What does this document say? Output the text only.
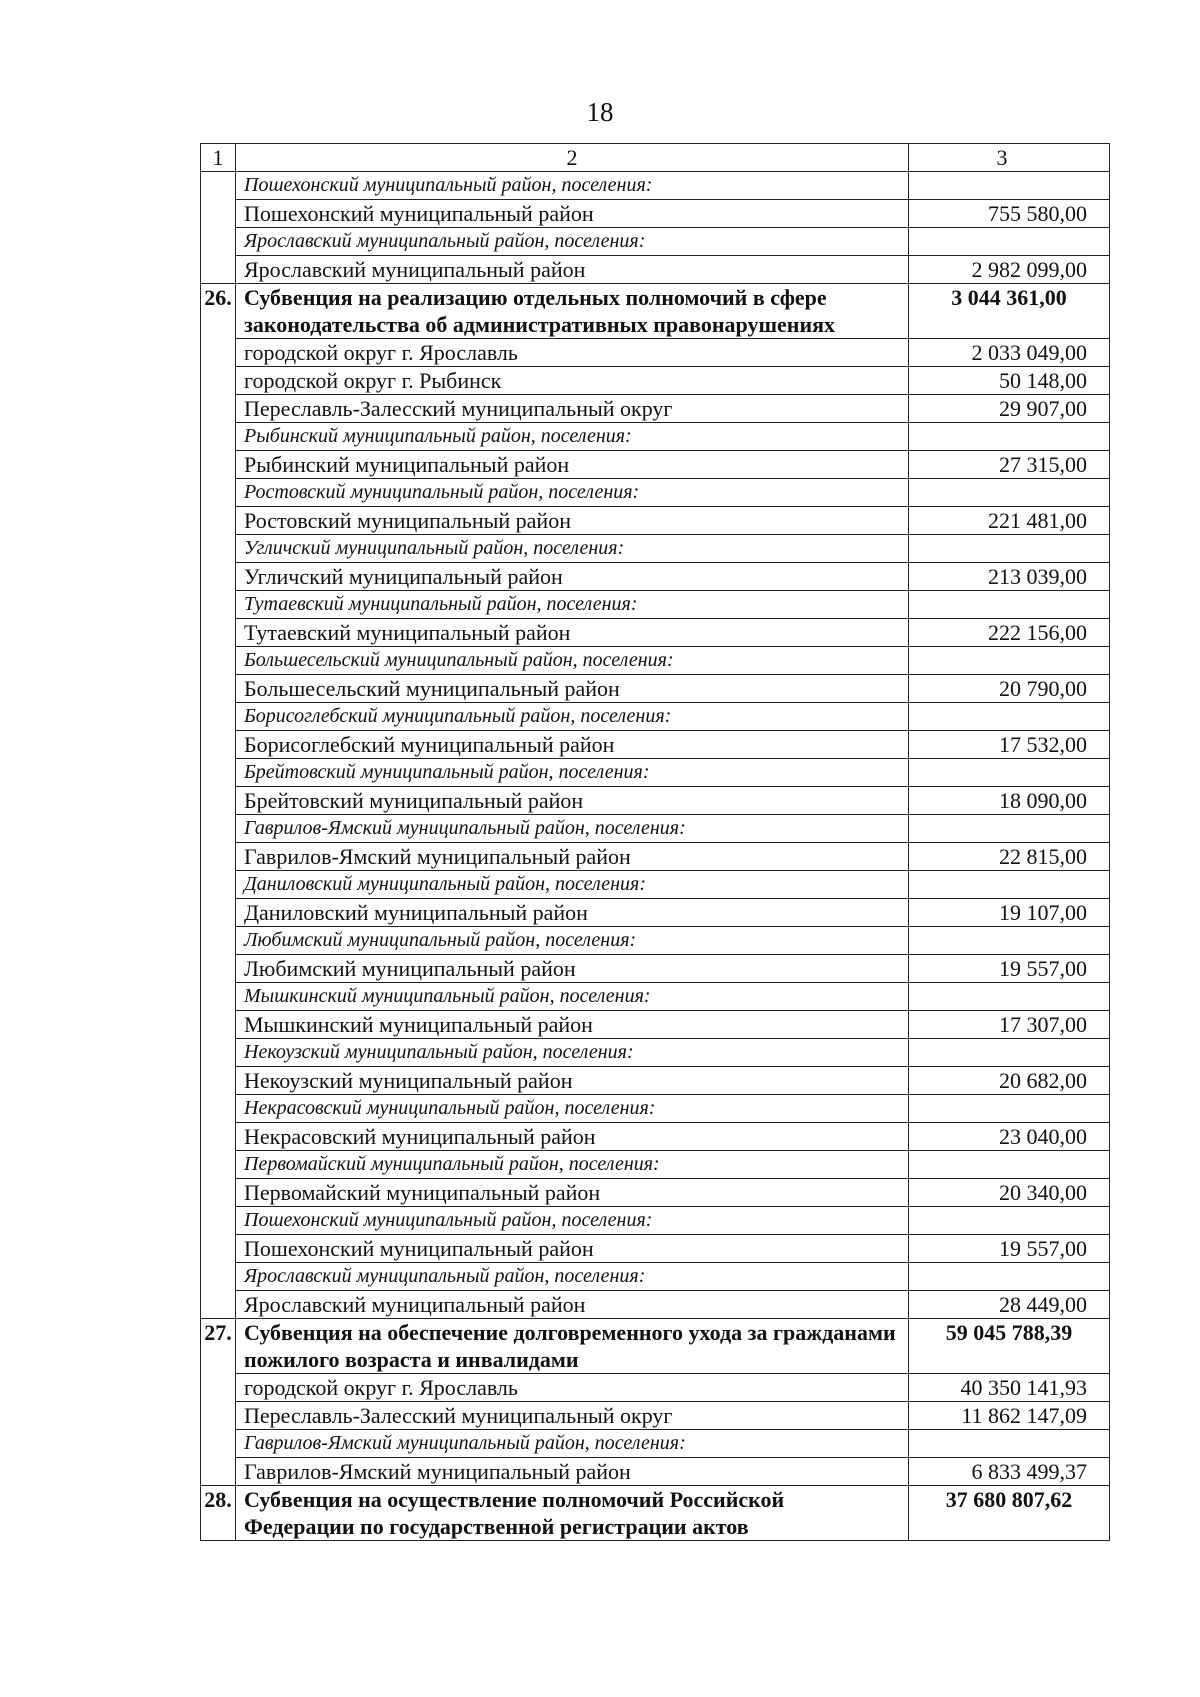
18
1	2	3
	Пошехонский муниципальный район, поселения:	
	Пошехонский муниципальный район	755 580,00
	Ярославский муниципальный район, поселения:	
	Ярославский муниципальный район	2 982 099,00
26.	Субвенция на реализацию отдельных полномочий в сфере законодательства об административных правонарушениях	3 044 361,00
	городской округ г. Ярославль	2 033 049,00
	городской округ г. Рыбинск	50 148,00
	Переславль-Залесский муниципальный округ	29 907,00
	Рыбинский муниципальный район, поселения:	
	Рыбинский муниципальный район	27 315,00
	Ростовский муниципальный район, поселения:	
	Ростовский муниципальный район	221 481,00
	Угличский муниципальный район, поселения:	
	Угличский муниципальный район	213 039,00
	Тутаевский муниципальный район, поселения:	
	Тутаевский муниципальный район	222 156,00
	Большесельский муниципальный район, поселения:	
	Большесельский муниципальный район	20 790,00
	Борисоглебский муниципальный район, поселения:	
	Борисоглебский муниципальный район	17 532,00
	Брейтовский муниципальный район, поселения:	
	Брейтовский муниципальный район	18 090,00
	Гаврилов-Ямский муниципальный район, поселения:	
	Гаврилов-Ямский муниципальный район	22 815,00
	Даниловский муниципальный район, поселения:	
	Даниловский муниципальный район	19 107,00
	Любимский муниципальный район, поселения:	
	Любимский муниципальный район	19 557,00
	Мышкинский муниципальный район, поселения:	
	Мышкинский муниципальный район	17 307,00
	Некоузский муниципальный район, поселения:	
	Некоузский муниципальный район	20 682,00
	Некрасовский муниципальный район, поселения:	
	Некрасовский муниципальный район	23 040,00
	Первомайский муниципальный район, поселения:	
	Первомайский муниципальный район	20 340,00
	Пошехонский муниципальный район, поселения:	
	Пошехонский муниципальный район	19 557,00
	Ярославский муниципальный район, поселения:	
	Ярославский муниципальный район	28 449,00
27.	Субвенция на обеспечение долговременного ухода за гражданами пожилого возраста и инвалидами	59 045 788,39
	городской округ г. Ярославль	40 350 141,93
	Переславль-Залесский муниципальный округ	11 862 147,09
	Гаврилов-Ямский муниципальный район, поселения:	
	Гаврилов-Ямский муниципальный район	6 833 499,37
28.	Субвенция на осуществление полномочий Российской Федерации по государственной регистрации актов	37 680 807,62
